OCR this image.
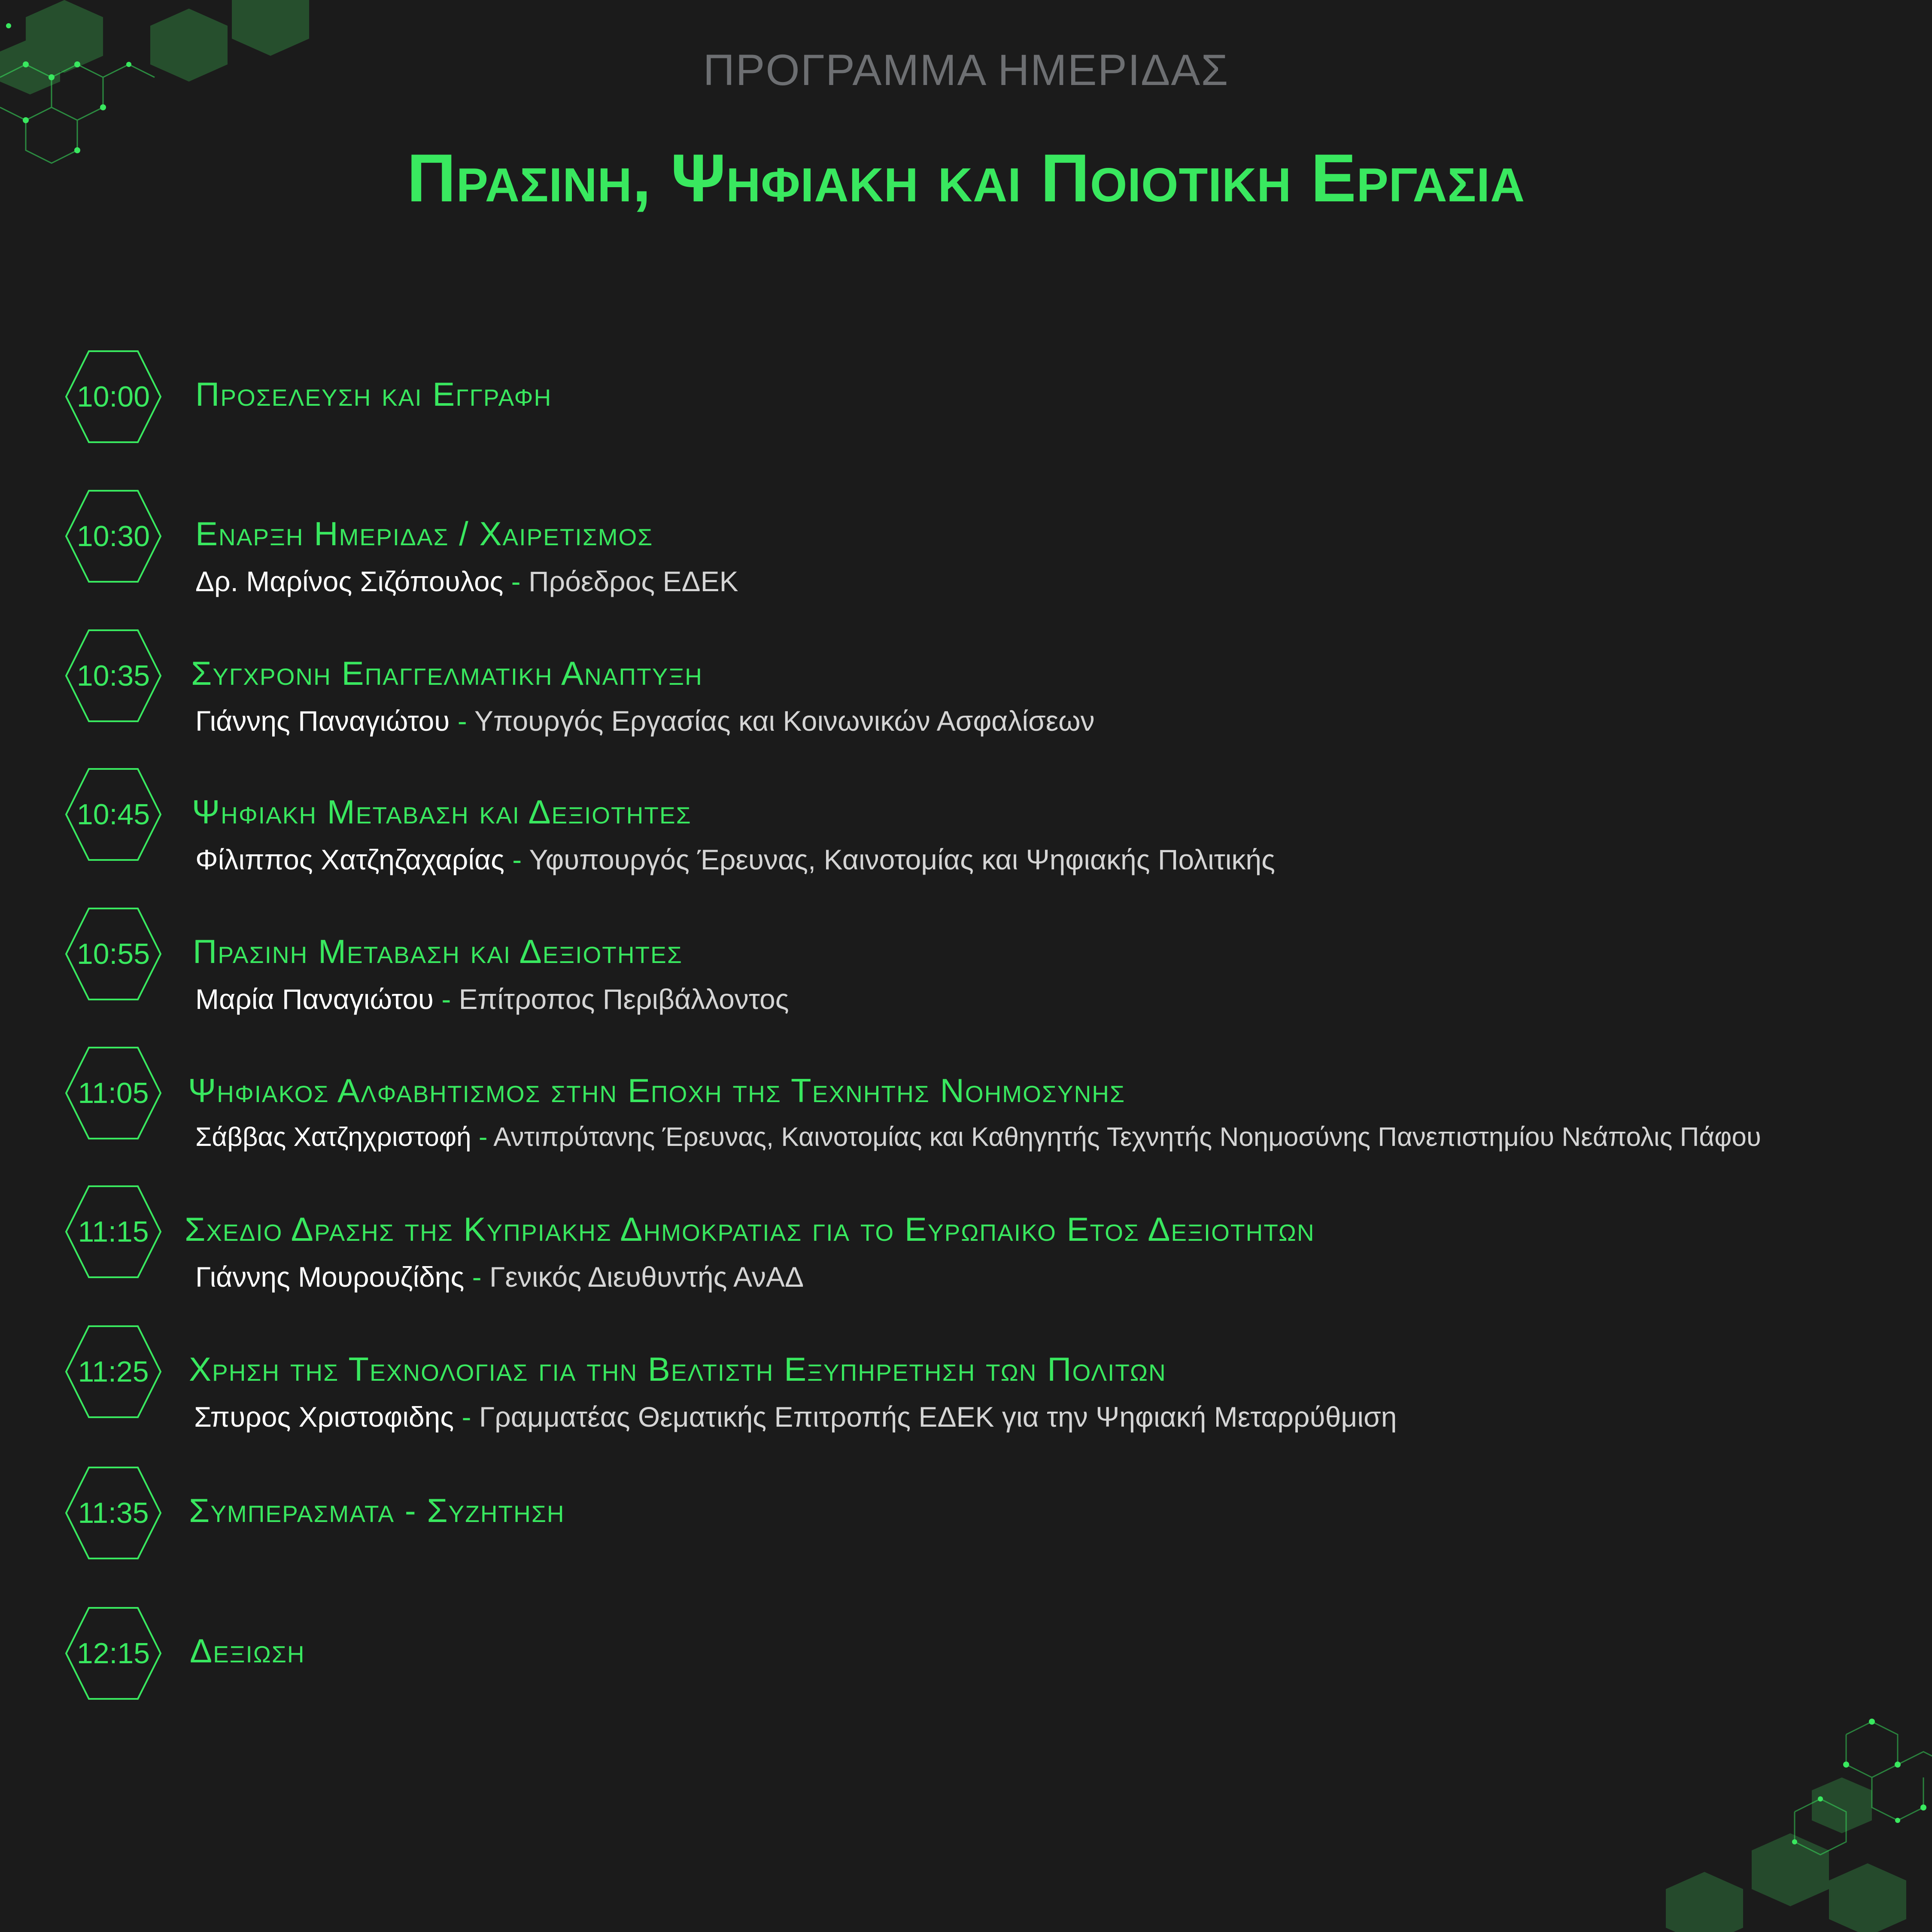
ΠΡΟΓΡΑΜΜΑ ΗΜΕΡΙΔΑΣ
Πρασινη, Ψηφιακη και Ποιοτικη Εργασια
10:00	Προσελευση και Εγγραφη
10:30	Εναρξη Ημεριδας / Χαιρετισμος
Δρ. Μαρίνος Σιζόπουλος - Πρόεδρος ΕΔΕΚ
10:35	Συγχρονη Επαγγελματικη Αναπτυξη
Γιάννης Παναγιώτου - Υπουργός Εργασίας και Κοινωνικών Ασφαλίσεων
10:45	Ψηφιακη Μεταβαση και Δεξιοτητες
Φίλιππος Χατζηζαχαρίας - Υφυπουργός Έρευνας, Καινοτομίας και Ψηφιακής Πολιτικής
10:55	Πρασινη Μεταβαση και Δεξιοτητες
Μαρία Παναγιώτου - Επίτροπος Περιβάλλοντος
11:05	Ψηφιακος Αλφαβητισμος στην Εποχη της Τεχνητης Νοημοσυνης
Σάββας Χατζηχριστοφή - Αντιπρύτανης Έρευνας, Καινοτομίας και Καθηγητής Τεχνητής Νοημοσύνης Πανεπιστημίου Νεάπολις Πάφου
11:15	Σχεδιο Δρασης της Κυπριακης Δημοκρατιας για το Ευρωπαικο Ετος Δεξιοτητων
Γιάννης Μουρουζίδης - Γενικός Διευθυντής ΑνΑΔ
11:25	Χρηση της Τεχνολογιας για την Βελτιστη Εξυπηρετηση των Πολιτων
Σπυρος Χριστοφιδης - Γραμματέας Θεματικής Επιτροπής ΕΔΕΚ για την Ψηφιακή Μεταρρύθμιση
11:35	Συμπερασματα - Συζητηση
12:15	Δεξιωση
